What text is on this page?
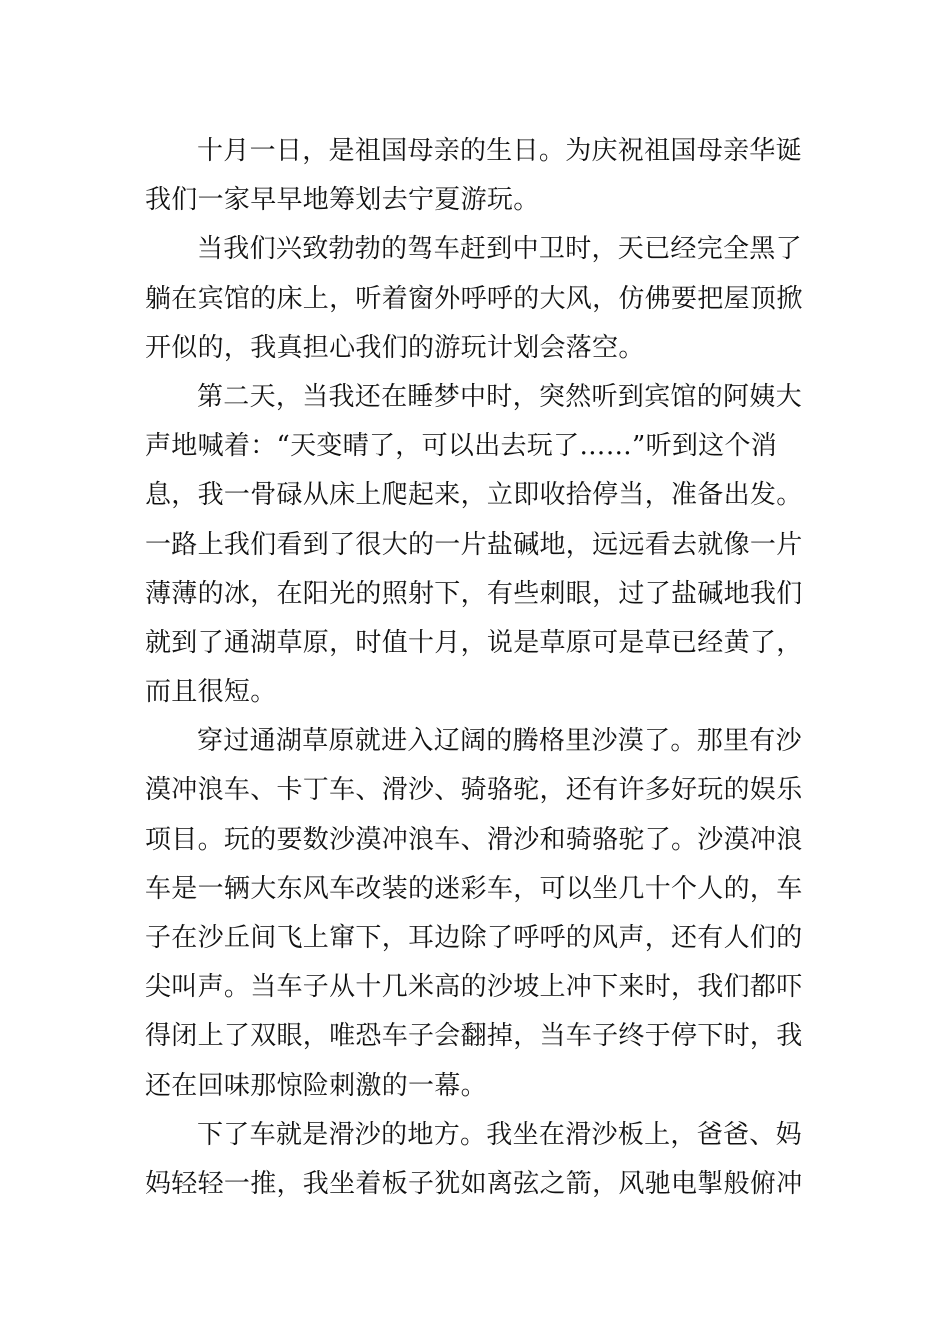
十月一日，是祖国母亲的生日。为庆祝祖国母亲华诞
我们一家早早地筹划去宁夏游玩。
当我们兴致勃勃的驾车赶到中卫时，天已经完全黑了
躺在宾馆的床上，听着窗外呼呼的大风，仿佛要把屋顶掀
开似的，我真担心我们的游玩计划会落空。
第二天，当我还在睡梦中时，突然听到宾馆的阿姨大
声地喊着：“天变晴了，可以出去玩了……”听到这个消
息，我一骨碌从床上爬起来，立即收拾停当，准备出发。
一路上我们看到了很大的一片盐碱地，远远看去就像一片
薄薄的冰，在阳光的照射下，有些刺眼，过了盐碱地我们
就到了通湖草原，时值十月，说是草原可是草已经黄了，
而且很短。
穿过通湖草原就进入辽阔的腾格里沙漠了。那里有沙
漠冲浪车、卡丁车、滑沙、骑骆驼，还有许多好玩的娱乐
项目。玩的要数沙漠冲浪车、滑沙和骑骆驼了。沙漠冲浪
车是一辆大东风车改装的迷彩车，可以坐几十个人的，车
子在沙丘间飞上窜下，耳边除了呼呼的风声，还有人们的
尖叫声。当车子从十几米高的沙坡上冲下来时，我们都吓
得闭上了双眼，唯恐车子会翻掉，当车子终于停下时，我
还在回味那惊险刺激的一幕。
下了车就是滑沙的地方。我坐在滑沙板上，爸爸、妈
妈轻轻一推，我坐着板子犹如离弦之箭，风驰电掣般俯冲
